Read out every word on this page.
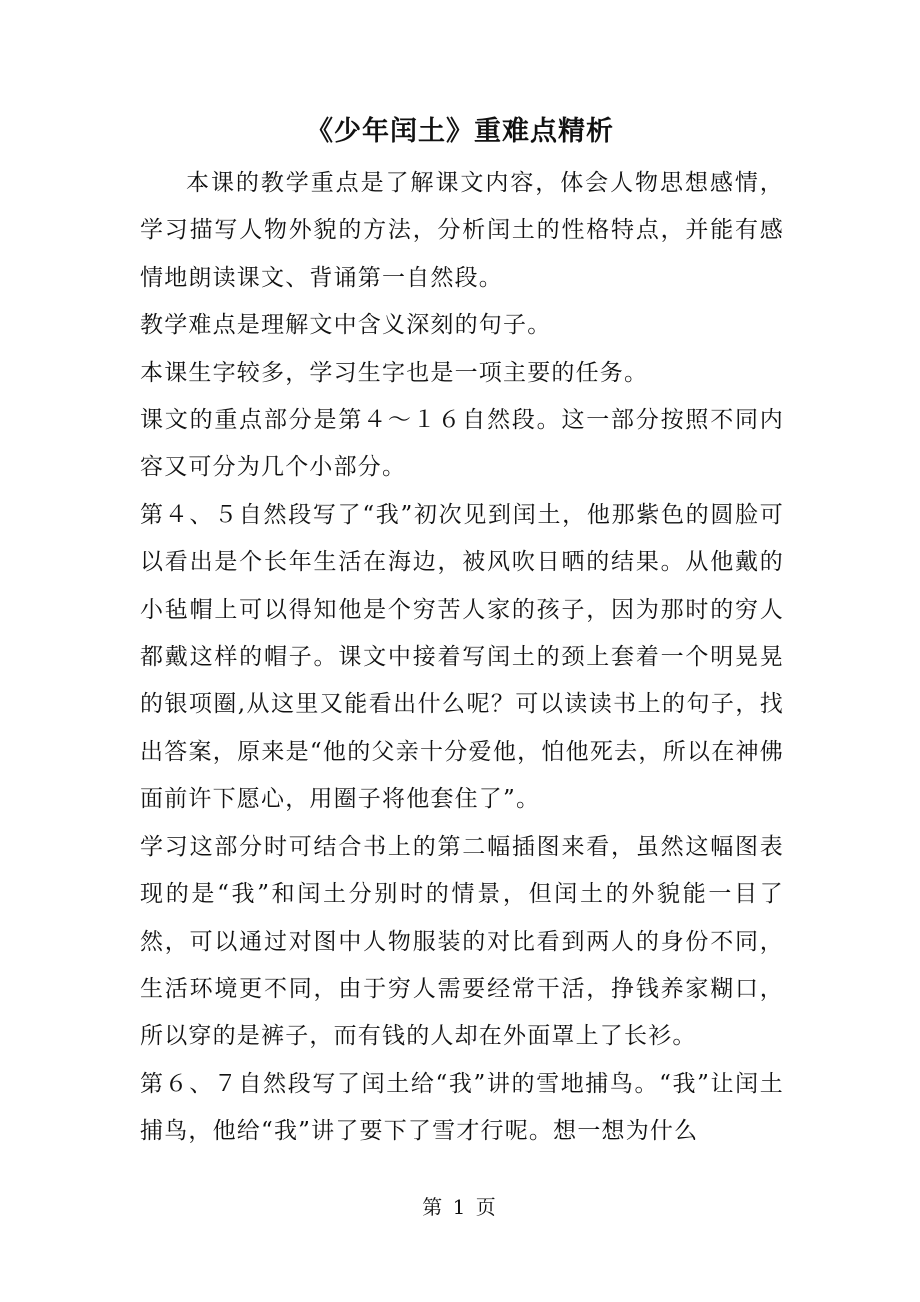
《少年闰土》重难点精析

本课的教学重点是了解课文内容，体会人物思想感情，学习描写人物外貌的方法，分析闰土的性格特点，并能有感情地朗读课文、背诵第一自然段。

教学难点是理解文中含义深刻的句子。

本课生字较多，学习生字也是一项主要的任务。

课文的重点部分是第４～１６自然段。这一部分按照不同内容又可分为几个小部分。

第４、５自然段写了“我”初次见到闰土，他那紫色的圆脸可以看出是个长年生活在海边，被风吹日晒的结果。从他戴的小毡帽上可以得知他是个穷苦人家的孩子，因为那时的穷人都戴这样的帽子。课文中接着写闰土的颈上套着一个明晃晃的银项圈,从这里又能看出什么呢？可以读读书上的句子，找出答案，原来是“他的父亲十分爱他，怕他死去，所以在神佛面前许下愿心，用圈子将他套住了”。

学习这部分时可结合书上的第二幅插图来看，虽然这幅图表现的是“我”和闰土分别时的情景，但闰土的外貌能一目了然，可以通过对图中人物服装的对比看到两人的身份不同，生活环境更不同，由于穷人需要经常干活，挣钱养家糊口，所以穿的是裤子，而有钱的人却在外面罩上了长衫。

第６、７自然段写了闰土给“我”讲的雪地捕鸟。“我”让闰土捕鸟，他给“我”讲了要下了雪才行呢。想一想为什么

第 1 页
